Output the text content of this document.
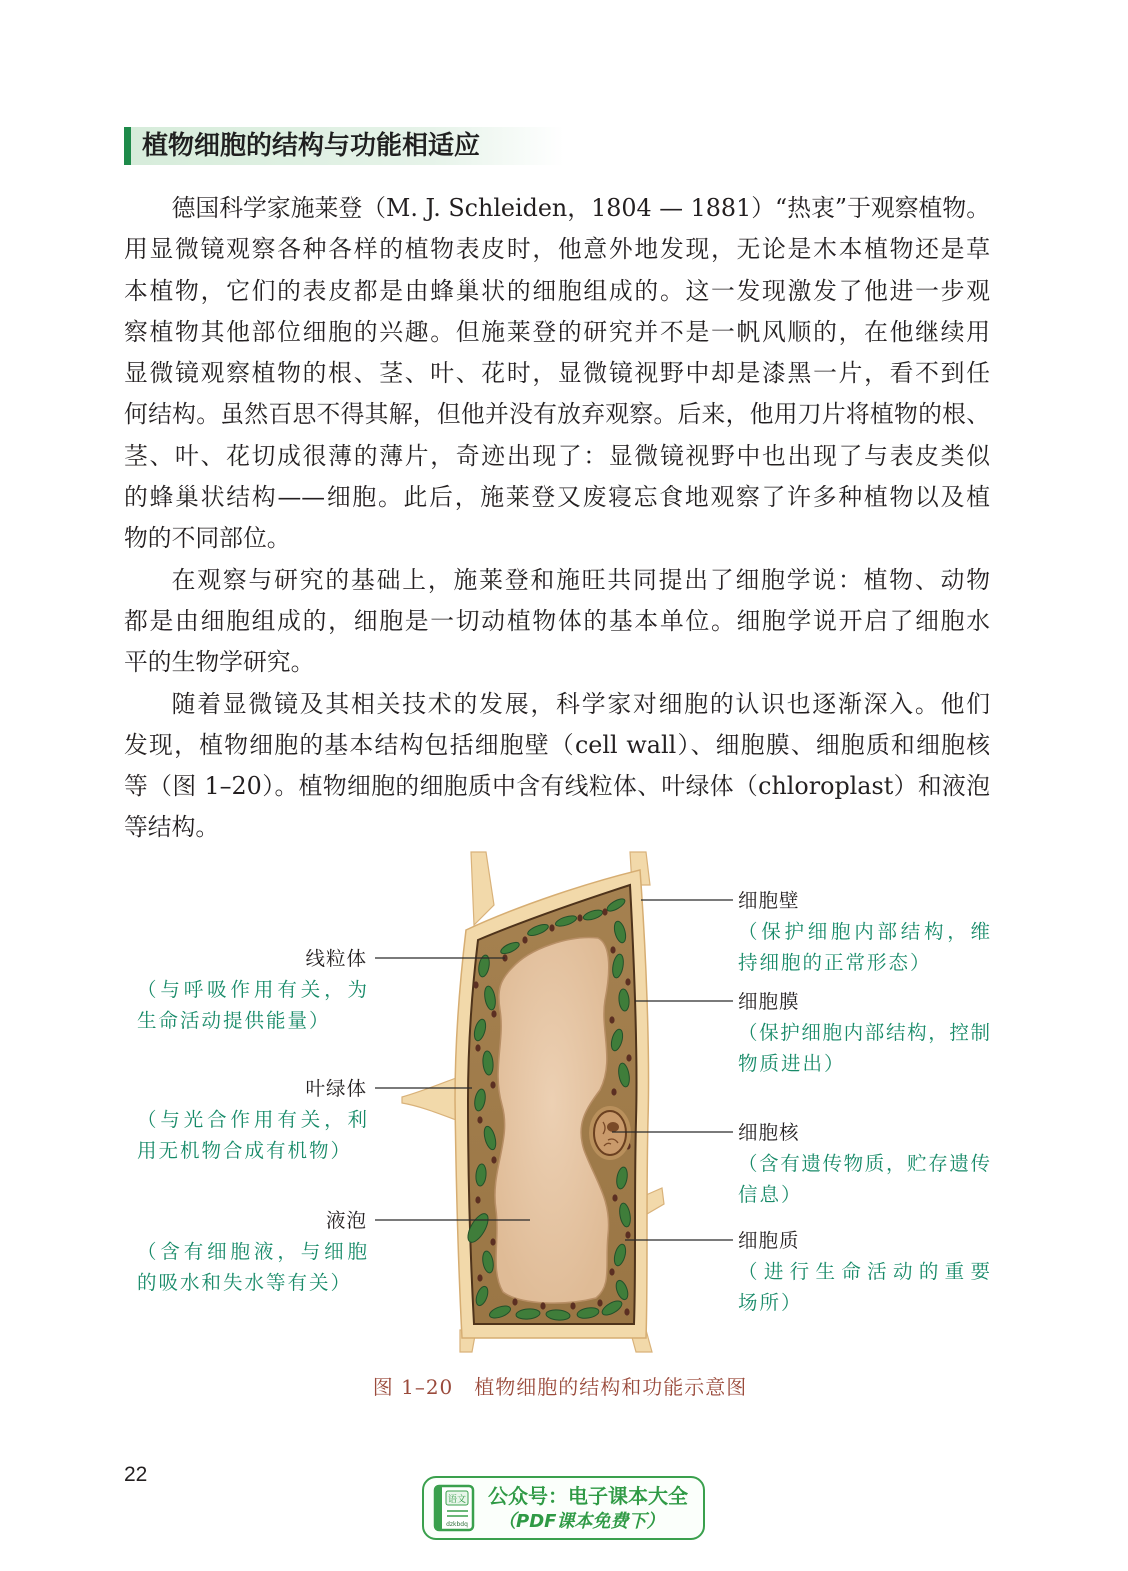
植物细胞的结构与功能相适应
德国科学家施莱登（M. J. Schleiden，1804 — 1881）“热衷”于观察植物。
用显微镜观察各种各样的植物表皮时，他意外地发现，无论是木本植物还是草
本植物，它们的表皮都是由蜂巢状的细胞组成的。这一发现激发了他进一步观
察植物其他部位细胞的兴趣。但施莱登的研究并不是一帆风顺的，在他继续用
显微镜观察植物的根、茎、叶、花时，显微镜视野中却是漆黑一片，看不到任
何结构。虽然百思不得其解，但他并没有放弃观察。后来，他用刀片将植物的根、
茎、叶、花切成很薄的薄片，奇迹出现了：显微镜视野中也出现了与表皮类似
的蜂巢状结构——细胞。此后，施莱登又废寝忘食地观察了许多种植物以及植
物的不同部位。
在观察与研究的基础上，施莱登和施旺共同提出了细胞学说：植物、动物
都是由细胞组成的，细胞是一切动植物体的基本单位。细胞学说开启了细胞水
平的生物学研究。
随着显微镜及其相关技术的发展，科学家对细胞的认识也逐渐深入。他们
发现，植物细胞的基本结构包括细胞壁（cell wall）、细胞膜、细胞质和细胞核
等（图 1–20）。植物细胞的细胞质中含有线粒体、叶绿体（chloroplast）和液泡
等结构。
线粒体
（与呼吸作用有关，为
生命活动提供能量）
叶绿体
（与光合作用有关，利
用无机物合成有机物）
液泡
（含有细胞液，与细胞
的吸水和失水等有关）
细胞壁
（保护细胞内部结构，维
持细胞的正常形态）
细胞膜
（保护细胞内部结构，控制
物质进出）
细胞核
（含有遗传物质，贮存遗传
信息）
细胞质
（进行生命活动的重要
场所）
图 1–20　植物细胞的结构和功能示意图
22
语文
dzkbdq
公众号：电子课本大全
（PDF课本免费下）
